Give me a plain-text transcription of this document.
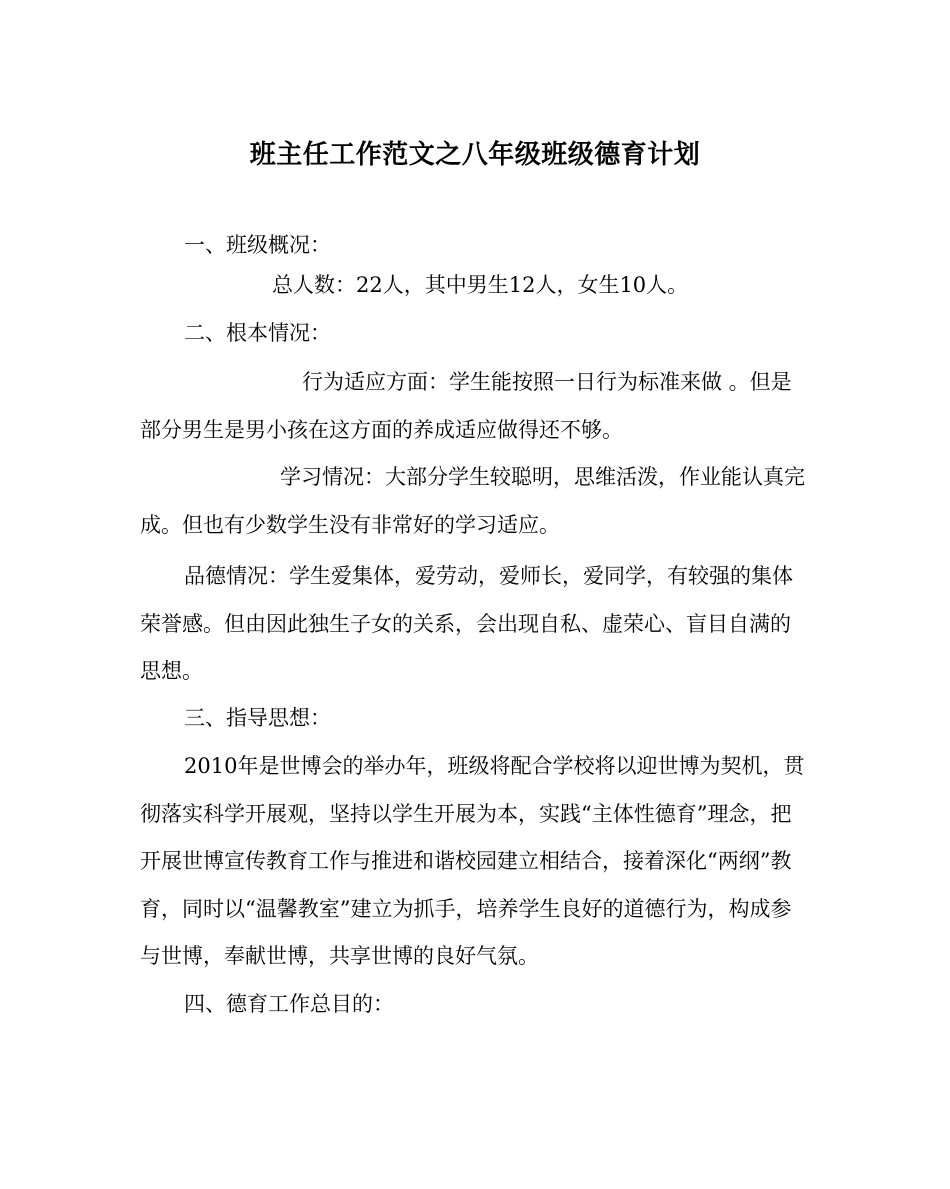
班主任工作范文之八年级班级德育计划

一、班级概况：

总人数：22人，其中男生12人，女生10人。

二、根本情况：

行为适应方面：学生能按照一日行为标准来做 。但是部分男生是男小孩在这方面的养成适应做得还不够。

学习情况：大部分学生较聪明，思维活泼，作业能认真完成。但也有少数学生没有非常好的学习适应。

品德情况：学生爱集体，爱劳动，爱师长，爱同学，有较强的集体荣誉感。但由因此独生子女的关系，会出现自私、虚荣心、盲目自满的思想。

三、指导思想：

2010年是世博会的举办年，班级将配合学校将以迎世博为契机，贯彻落实科学开展观，坚持以学生开展为本，实践“主体性德育”理念，把开展世博宣传教育工作与推进和谐校园建立相结合，接着深化“两纲”教育，同时以“温馨教室”建立为抓手，培养学生良好的道德行为，构成参与世博，奉献世博，共享世博的良好气氛。

四、德育工作总目的：
